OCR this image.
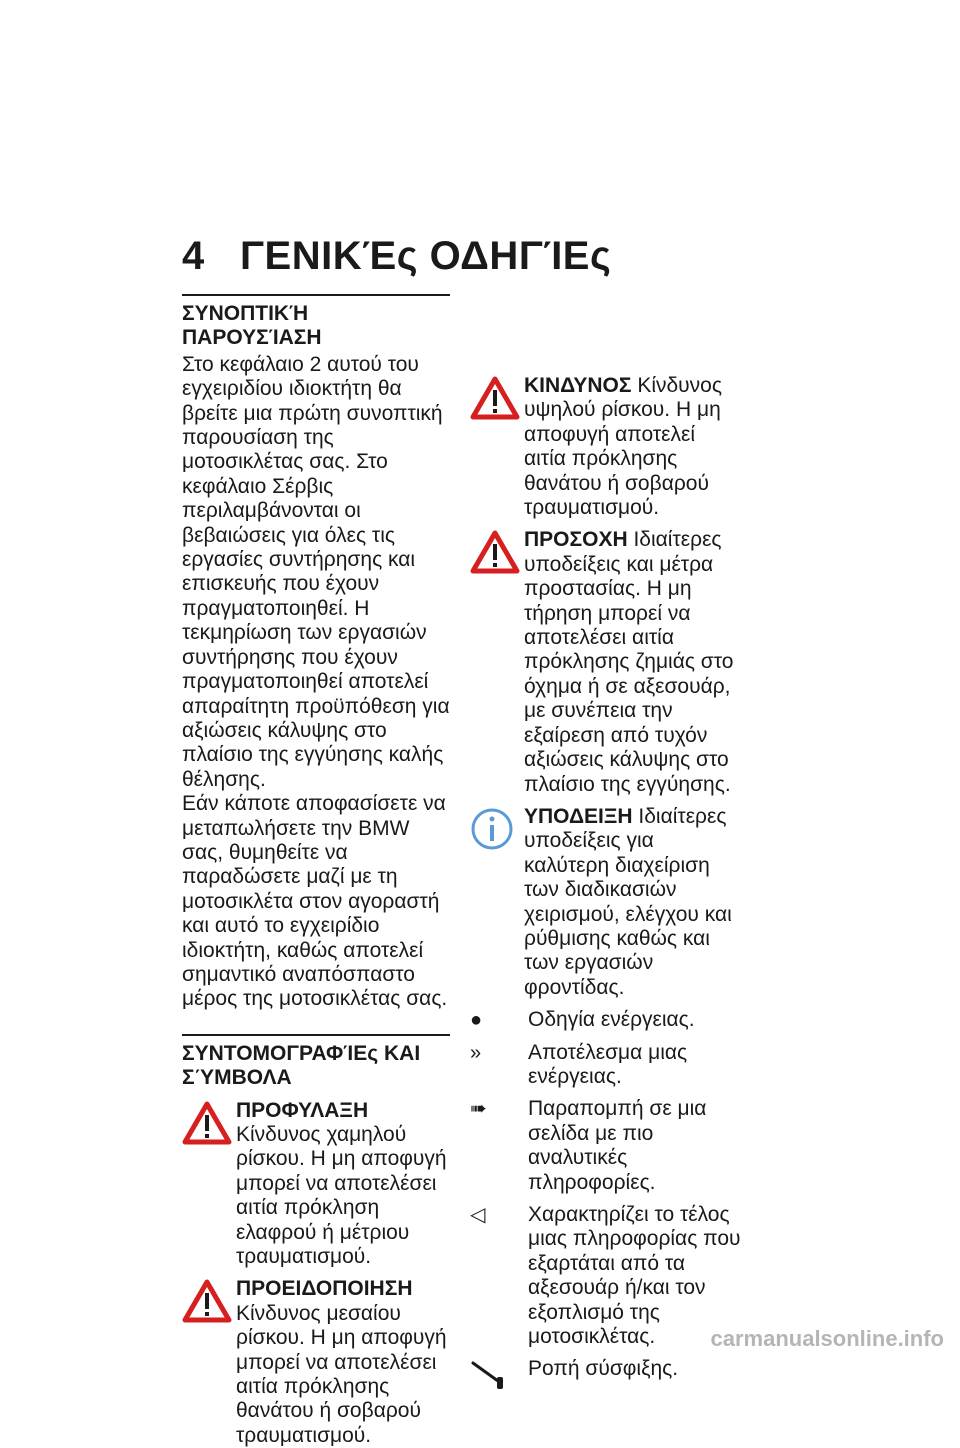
4 ΓΕΝΙΚΈς ΟΔΗΓΊΕς
ΣΥΝΟΠΤΙΚΉ ΠΑΡΟΥΣΊΑΣΗ

Στο κεφάλαιο 2 αυτού του εγχειριδίου ιδιοκτήτη θα βρείτε μια πρώτη συνοπτική παρουσίαση της μοτοσικλέτας σας. Στο κεφάλαιο Σέρβις περιλαμβάνονται οι βεβαιώσεις για όλες τις εργασίες συντήρησης και επισκευής που έχουν πραγματοποιηθεί. Η τεκμηρίωση των εργασιών συντήρησης που έχουν πραγματοποιηθεί αποτελεί απαραίτητη προϋπόθεση για αξιώσεις κάλυψης στο πλαίσιο της εγγύησης καλής θέλησης.

Εάν κάποτε αποφασίσετε να μεταπωλήσετε την BMW σας, θυμηθείτε να παραδώσετε μαζί με τη μοτοσικλέτα στον αγοραστή και αυτό το εγχειρίδιο ιδιοκτήτη, καθώς αποτελεί σημαντικό αναπόσπαστο μέρος της μοτοσικλέτας σας.

ΣΥΝΤΟΜΟΓΡΑΦΊΕς ΚΑΙ ΣΎΜΒΟΛΑ
ΠΡΟΦΥΛΑΞΗ Κίνδυνος χαμηλού ρίσκου. Η μη αποφυγή μπορεί να αποτελέσει αιτία πρόκληση ελαφρού ή μέτριου τραυματισμού.
ΠΡΟΕΙΔΟΠΟΙΗΣΗ Κίνδυνος μεσαίου ρίσκου. Η μη αποφυγή μπορεί να αποτελέσει αιτία πρόκλησης θανάτου ή σοβαρού τραυματισμού.
ΚΙΝΔΥΝΟΣ Κίνδυνος υψηλού ρίσκου. Η μη αποφυγή αποτελεί αιτία πρόκλησης θανάτου ή σοβαρού τραυματισμού.
ΠΡΟΣΟΧΗ Ιδιαίτερες υποδείξεις και μέτρα προστασίας. Η μη τήρηση μπορεί να αποτελέσει αιτία πρόκλησης ζημιάς στο όχημα ή σε αξεσουάρ, με συνέπεια την εξαίρεση από τυχόν αξιώσεις κάλυψης στο πλαίσιο της εγγύησης.
ΥΠΟΔΕΙΞΗ Ιδιαίτερες υποδείξεις για καλύτερη διαχείριση των διαδικασιών χειρισμού, ελέγχου και ρύθμισης καθώς και των εργασιών φροντίδας.
●	Οδηγία ενέργειας.
»	Αποτέλεσμα μιας ενέργειας.
➠	Παραπομπή σε μια σελίδα με πιο αναλυτικές πληροφορίες.
◁	Χαρακτηρίζει το τέλος μιας πληροφορίας που εξαρτάται από τα αξεσουάρ ή/και τον εξοπλισμό της μοτοσικλέτας.
Ροπή σύσφιξης.
carmanualsonline.info
